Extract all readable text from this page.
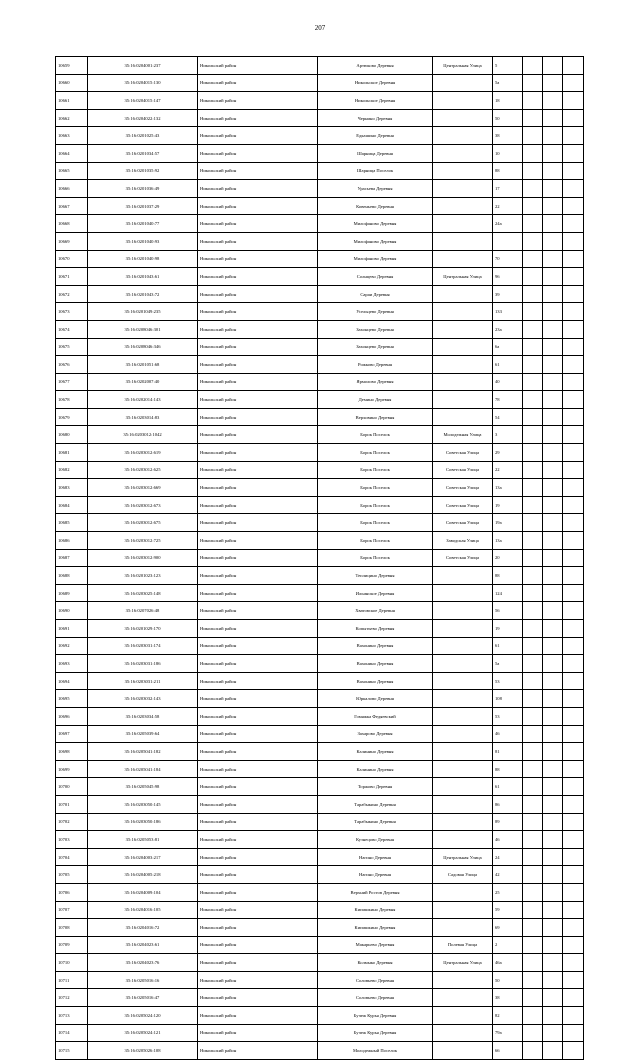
207
10659	35:16:0204001:237	Никольский район	Артюково Деревня	Центральная Улица	5			
10660	35:16:0204015:130	Никольский район	Никольское Деревня		5а			
10661	35:16:0204015:147	Никольский район	Никольское Деревня		18			
10662	35:16:0204022:132	Никольский район	Чернино Деревня		50			
10663	35:16:0201025:43	Никольский район	Едкашино Деревня		38			
10664	35:16:0201034:57	Никольский район	Шарница Деревня		10			
10665	35:16:0201035:92	Никольский район	Шарница Поселок		88			
10666	35:16:0201036:49	Никольский район	Урасьева Деревня		17			
10667	35:16:0201037:29	Никольский район	Ковеньево Деревня		22			
10668	35:16:0201040:77	Никольский район	Милофаново Деревня		24а			
10669	35:16:0201040:93	Никольский район	Милофаново Деревня					
10670	35:16:0201040:98	Никольский район	Милофаново Деревня		70			
10671	35:16:0201043:61	Никольский район	Солнцево Деревня	Центральная Улица	96			
10672	35:16:0201043:72	Никольский район	Сараи Деревня		39			
10673	35:16:0201049:235	Никольский район	Усельцево Деревня		133			
10674	35:16:0208046:301	Никольский район	Захонцево Деревня		23а			
10675	35:16:0208046:346	Никольский район	Захонцево Деревня		6а			
10676	35:16:0201051:68	Никольский район	Рожково Деревня		61			
10677	35:16:0202007:40	Никольский район	Ярмолово Деревня		40			
10678	35:16:0202014:143	Никольский район	Демино Деревня		78			
10679	35:16:0203014:83	Никольский район	Верховино Деревня		54			
10680	35:16:0203012:1042	Никольский район	Борок Поселок	Молодежная Улица	3			
10681	35:16:0203012:619	Никольский район	Борок Поселок	Советская Улица	29			
10682	35:16:0203012:625	Никольский район	Борок Поселок	Советская Улица	22			
10683	35:16:0203012:669	Никольский район	Борок Поселок	Советская Улица	13а			
10684	35:16:0203012:673	Никольский район	Борок Поселок	Советская Улица	19			
10685	35:16:0203012:675	Никольский район	Борок Поселок	Советская Улица	19а			
10686	35:16:0203012:725	Никольский район	Борок Поселок	Заводская Улица	13а			
10687	35:16:0203012:900	Никольский район	Борок Поселок	Советская Улица	20			
10688	35:16:0201023:123	Никольский район	Теплицино Деревня		88			
10689	35:16:0203025:148	Никольский район	Ильинское Деревня		124			
10690	35:16:0207026:48	Никольский район	Хватовское Деревня		56			
10691	35:16:0201029:170	Никольский район	Копытьево Деревня		19			
10692	35:16:0203031:174	Никольский район	Вахонино Деревня		61			
10693	35:16:0203031:186	Никольский район	Вахонино Деревня		5а			
10694	35:16:0203031:211	Никольский район	Вахонино Деревня		53			
10695	35:16:0203032:143	Никольский район	Юркалово Деревня		108			
10696	35:16:0203034:58	Никольский район	Гомяжка Федяевский		53			
10697	35:16:0205039:64	Никольский район	Захарово Деревня		46			
10698	35:16:0205041:182	Никольский район	Калинино Деревня		81			
10699	35:16:0205041:184	Никольский район	Калинино Деревня		88			
10700	35:16:0205045:98	Никольский район	Торжово Деревня		61			
10701	35:16:0203050:145	Никольский район	Тарабыкино Деревня		86			
10702	35:16:0203050:186	Никольский район	Тарабыкино Деревня		89			
10703	35:16:0205053:81	Никольский район	Кузнецово Деревня		46			
10704	35:16:0204003:217	Никольский район	Нагино Деревня	Центральная Улица	24			
10705	35:16:0204005:218	Никольский район	Нагино Деревня	Садовая Улица	42			
10706	35:16:0204009:104	Никольский район	Верхний Ростов Деревня		25			
10707	35:16:0204016:105	Никольский район	Кипишкино Деревня		59			
10708	35:16:0204016:72	Никольский район	Кипишкино Деревня		69			
10709	35:16:0204023:61	Никольский район	Макарьево Деревня	Полевая Улица	2			
10710	35:16:0204023:76	Никольский район	Колмыко Деревня	Центральная Улица	46а			
10711	35:16:0205016:16	Никольский район	Соловьево Деревня		50			
10712	35:16:0205016:47	Никольский район	Соловьево Деревня		38			
10713	35:16:0205024:120	Никольский район	Бучеж Курья Деревня		82			
10714	35:16:0205024:121	Никольский район	Бучеж Курья Деревня		79а			
10715	35:16:0205026:108	Никольский район	Молодежный Поселок		66			
